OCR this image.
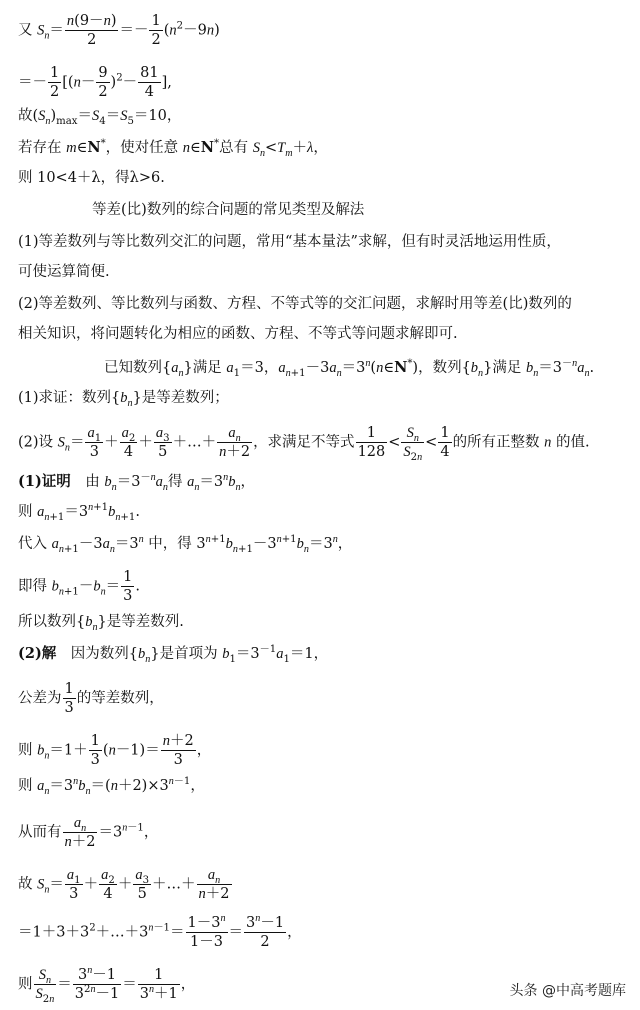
又 $S_n= \frac{n(9-n)}{2} =- \frac{1}{2} (n^2-9n)$
＝－ $\frac{1}{2} [(n- \frac{9}{2} )^2- \frac{81}{4}$ ],
故$(S_n)_{max}=S_4=S_5=10$，
若存在 m∈N*，使对任意 n∈N*总有 $S_n<T_m+\lambda$，
则 10<4＋λ，得λ>6.
等差(比)数列的综合问题的常见类型及解法
(1)等差数列与等比数列交汇的问题，常用“基本量法”求解，但有时灵活地运用性质，
可使运算简便.
(2)等差数列、等比数列与函数、方程、不等式等的交汇问题，求解时用等差(比)数列的
相关知识，将问题转化为相应的函数、方程、不等式等问题求解即可.
已知数列$\{a_n\}$满足 $a_1=3$，$a_{n+1}-3a_n=3^n(n\in N^*)$，数列$\{b_n\}$满足 $b_n=3^{-n}a_n$.
(1)求证：数列$\{b_n\}$是等差数列；
(2)设 $S_n= \frac{a_1}{3} + \frac{a_2}{4} + \frac{a_3}{5}$ ＋…＋ $\frac{a_n}{n+2}$ ，求满足不等式 $\frac{1}{128} < \frac{S_n}{S_{2n}} < \frac{1}{4}$ 的所有正整数 n 的值.
(1)证明　由 $b_n=3^{-n}a_n$得 $a_n=3^nb_n$，
则 $a_{n+1}=3^{n+1}b_{n+1}$.
代入 $a_{n+1}-3a_n=3^n$ 中，得 $3^{n+1}b_{n+1}-3^{n+1}b_n=3^n$，
即得 $b_{n+1}-b_n= \frac{1}{3}$ .
所以数列$\{b_n\}$是等差数列.
(2)解　因为数列$\{b_n\}$是首项为 $b_1=3^{-1}a_1=1$，
公差为 $\frac{1}{3}$ 的等差数列，
则 $b_n=1+ \frac{1}{3} (n-1)= \frac{n+2}{3}$ ，
则 $a_n=3^nb_n=(n+2)\times 3^{n-1}$，
从而有 $\frac{a_n}{n+2} =3^{n-1}$，
故 $S_n= \frac{a_1}{3} + \frac{a_2}{4} + \frac{a_3}{5}$ ＋…＋ $\frac{a_n}{n+2}$
$=1+3+3^2+\dots+3^{n-1}= \frac{1-3^n}{1-3} = \frac{3^n-1}{2}$ ，
则 $\frac{S_n}{S_{2n}} = \frac{3^n-1}{3^{2n}-1} = \frac{1}{3^n+1}$ ，	头条 @中高考题库
